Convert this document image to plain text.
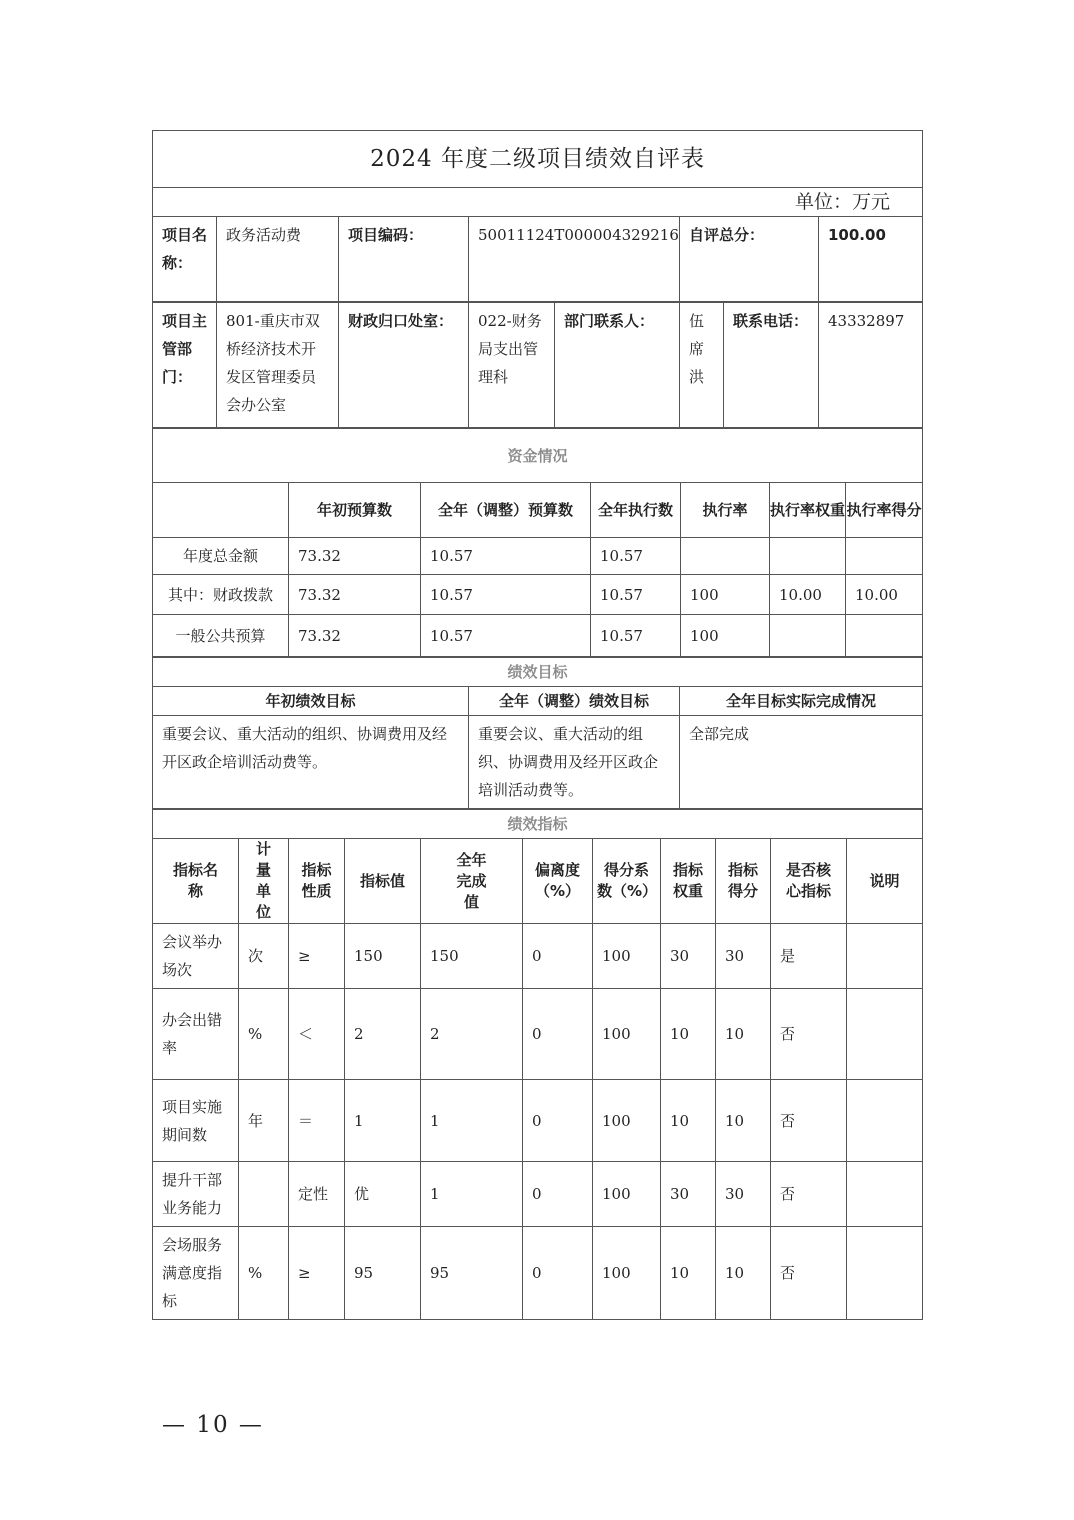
2024 年度二级项目绩效自评表
单位：万元
项目名称：	政务活动费	项目编码：	50011124T000004329216	自评总分：	100.00
项目主管部门：	801-重庆市双桥经济技术开发区管理委员会办公室	财政归口处室：	022-财务局支出管理科	部门联系人：	伍席洪	联系电话：	43332897
资金情况						
	年初预算数	全年（调整）预算数	全年执行数	执行率	执行率权重	执行率得分
年度总金额	73.32	10.57	10.57			
其中：财政拨款	73.32	10.57	10.57	100	10.00	10.00
一般公共预算	73.32	10.57	10.57	100		
绩效目标		
年初绩效目标	全年（调整）绩效目标	全年目标实际完成情况
重要会议、重大活动的组织、协调费用及经开区政企培训活动费等。	重要会议、重大活动的组织、协调费用及经开区政企培训活动费等。	全部完成
绩效指标										
指标名称	计量单位	指标性质	指标值	全年完成值	偏离度（%）	得分系数（%）	指标权重	指标得分	是否核心指标	说明
会议举办场次	次	≥	150	150	0	100	30	30	是	
办会出错率	%	＜	2	2	0	100	10	10	否	
项目实施期间数	年	＝	1	1	0	100	10	10	否	
提升干部业务能力		定性	优	1	0	100	30	30	否	
会场服务满意度指标	%	≥	95	95	0	100	10	10	否	
— 10 —
